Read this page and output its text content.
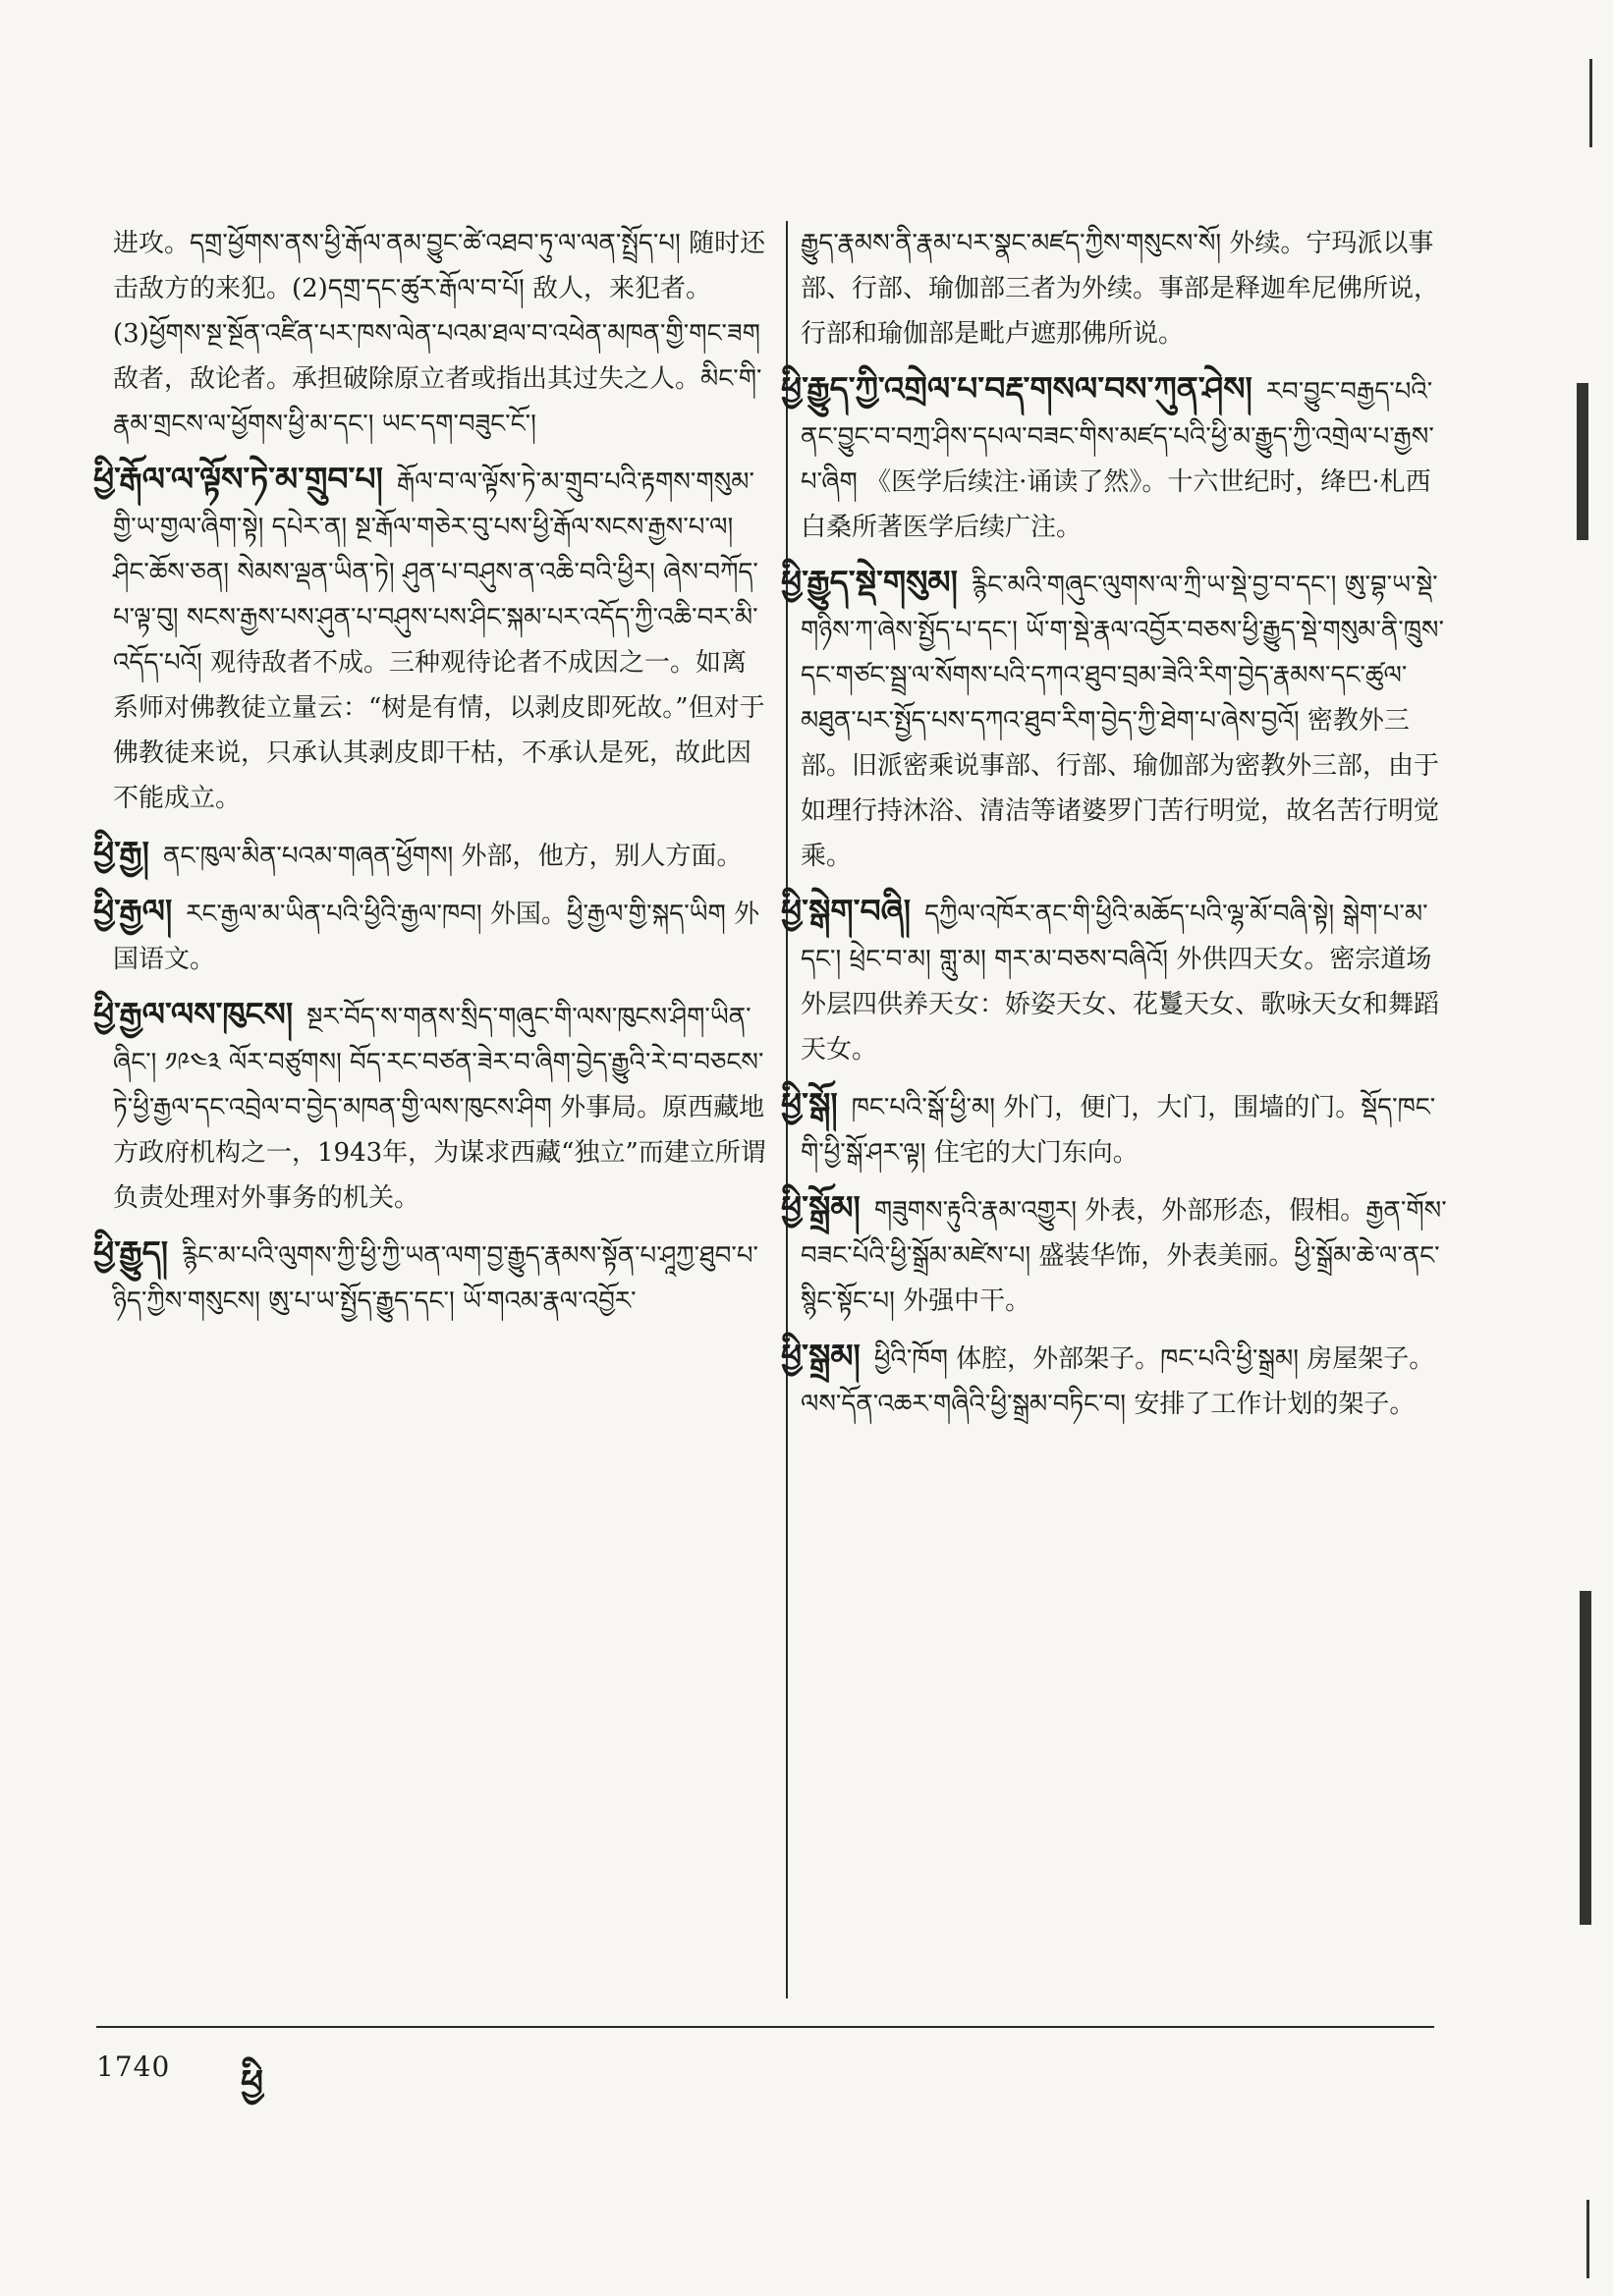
进攻。དགྲ་ཕྱོགས་ནས་ཕྱི་རྒོལ་ནམ་བྱུང་ཚེ་འཐབ་ཏུ་ལ་ལན་སྤྲོད་པ། 随时还击敌方的来犯。(2)དགྲ་དང་ཚུར་རྒོལ་བ་པོ། 敌人，来犯者。(3)ཕྱོགས་སྔ་སྔོན་འཛིན་པར་ཁས་ལེན་པའམ་ཐལ་བ་འཕེན་མཁན་གྱི་གང་ཟག 敌者，敌论者。承担破除原立者或指出其过失之人。མིང་གི་རྣམ་གྲངས་ལ་ཕྱོགས་ཕྱི་མ་དང་། ཡང་དག་བཟུང་ངོ་།

ཕྱི་རྒོལ་ལ་ལྟོས་ཏེ་མ་གྲུབ་པ། རྒོལ་བ་ལ་ལྟོས་ཏེ་མ་གྲུབ་པའི་རྟགས་གསུམ་གྱི་ཡ་གྱལ་ཞིག་སྟེ། དཔེར་ན། སྔ་རྒོལ་གཅེར་བུ་པས་ཕྱི་རྒོལ་སངས་རྒྱས་པ་ལ། ཤིང་ཆོས་ཅན། སེམས་ལྡན་ཡིན་ཏེ། ཤུན་པ་བཤུས་ན་འཆི་བའི་ཕྱིར། ཞེས་བཀོད་པ་ལྟ་བུ། སངས་རྒྱས་པས་ཤུན་པ་བཤུས་པས་ཤིང་སྐམ་པར་འདོད་ཀྱི་འཆི་བར་མི་འདོད་པའོ། 观待敌者不成。三种观待论者不成因之一。如离系师对佛教徒立量云：“树是有情，以剥皮即死故。”但对于佛教徒来说，只承认其剥皮即干枯，不承认是死，故此因不能成立。

ཕྱི་རྒྱ། ནང་ཁུལ་མིན་པའམ་གཞན་ཕྱོགས། 外部，他方，别人方面。

ཕྱི་རྒྱལ། རང་རྒྱལ་མ་ཡིན་པའི་ཕྱིའི་རྒྱལ་ཁབ། 外国。ཕྱི་རྒྱལ་གྱི་སྐད་ཡིག 外国语文。

ཕྱི་རྒྱལ་ལས་ཁུངས། སྔར་བོད་ས་གནས་སྲིད་གཞུང་གི་ལས་ཁུངས་ཤིག་ཡིན་ཞིང་། ༡༩༤༣ ལོར་བཙུགས། བོད་རང་བཙན་ཟེར་བ་ཞིག་བྱེད་རྒྱུའི་རེ་བ་བཅངས་ཏེ་ཕྱི་རྒྱལ་དང་འབྲེལ་བ་བྱེད་མཁན་གྱི་ལས་ཁུངས་ཤིག 外事局。原西藏地方政府机构之一，1943年，为谋求西藏“独立”而建立所谓负责处理对外事务的机关。

ཕྱི་རྒྱུད། རྙིང་མ་པའི་ལུགས་ཀྱི་ཕྱི་ཀྱི་ཡན་ལག་བྱ་རྒྱུད་རྣམས་སྟོན་པ་ཤཱཀྱ་ཐུབ་པ་ཉིད་ཀྱིས་གསུངས། ཨུ་པ་ཡ་སྤྱོད་རྒྱུད་དང་། ཡོ་གའམ་རྣལ་འབྱོར་

རྒྱུད་རྣམས་ནི་རྣམ་པར་སྣང་མཛད་ཀྱིས་གསུངས་སོ། 外续。宁玛派以事部、行部、瑜伽部三者为外续。事部是释迦牟尼佛所说，行部和瑜伽部是毗卢遮那佛所说。

ཕྱི་རྒྱུད་ཀྱི་འགྲེལ་པ་བརྡ་གསལ་བས་ཀུན་ཤེས། རབ་བྱུང་བརྒྱད་པའི་ནང་བྱུང་བ་བཀྲ་ཤིས་དཔལ་བཟང་གིས་མཛད་པའི་ཕྱི་མ་རྒྱུད་ཀྱི་འགྲེལ་པ་རྒྱས་པ་ཞིག 《医学后续注·诵读了然》。十六世纪时，绛巴·札西白桑所著医学后续广注。

ཕྱི་རྒྱུད་སྡེ་གསུམ། རྙིང་མའི་གཞུང་ལུགས་ལ་ཀྲི་ཡ་སྡེ་བྱ་བ་དང་། ཨུ་བྷ་ཡ་སྡེ་གཉིས་ཀ་ཞེས་སྤྱོད་པ་དང་། ཡོ་ག་སྡེ་རྣལ་འབྱོར་བཅས་ཕྱི་རྒྱུད་སྡེ་གསུམ་ནི་ཁྲུས་དང་གཙང་སྦྲ་ལ་སོགས་པའི་དཀའ་ཐུབ་བྲམ་ཟེའི་རིག་བྱེད་རྣམས་དང་ཚུལ་མཐུན་པར་སྤྱོད་པས་དཀའ་ཐུབ་རིག་བྱེད་ཀྱི་ཐེག་པ་ཞེས་བྱའོ། 密教外三部。旧派密乘说事部、行部、瑜伽部为密教外三部，由于如理行持沐浴、清洁等诸婆罗门苦行明觉，故名苦行明觉乘。

ཕྱི་སྒེག་བཞི། དཀྱིལ་འཁོར་ནང་གི་ཕྱིའི་མཆོད་པའི་ལྷ་མོ་བཞི་སྟེ། སྒེག་པ་མ་དང་། ཕྲེང་བ་མ། གླུ་མ། གར་མ་བཅས་བཞིའོ། 外供四天女。密宗道场外层四供养天女：娇姿天女、花鬘天女、歌咏天女和舞蹈天女。

ཕྱི་སྒོ། ཁང་པའི་སྒོ་ཕྱི་མ། 外门，便门，大门，围墙的门。སྡོད་ཁང་གི་ཕྱི་སྒོ་ཤར་ལྟ། 住宅的大门东向。

ཕྱི་སྒྲོམ། གཟུགས་རྟུའི་རྣམ་འགྱུར། 外表，外部形态，假相。རྒྱན་གོས་བཟང་པོའི་ཕྱི་སྒྲོམ་མཛེས་པ། 盛装华饰，外表美丽。ཕྱི་སྒྲོམ་ཆེ་ལ་ནང་སྙིང་སྟོང་པ། 外强中干。

ཕྱི་སྒྲམ། ཕྱིའི་ཁོག 体腔，外部架子。ཁང་པའི་ཕྱི་སྒྲམ། 房屋架子。ལས་དོན་འཆར་གཞིའི་ཕྱི་སྒྲམ་བཏིང་བ། 安排了工作计划的架子。

1740 ཕྱི
